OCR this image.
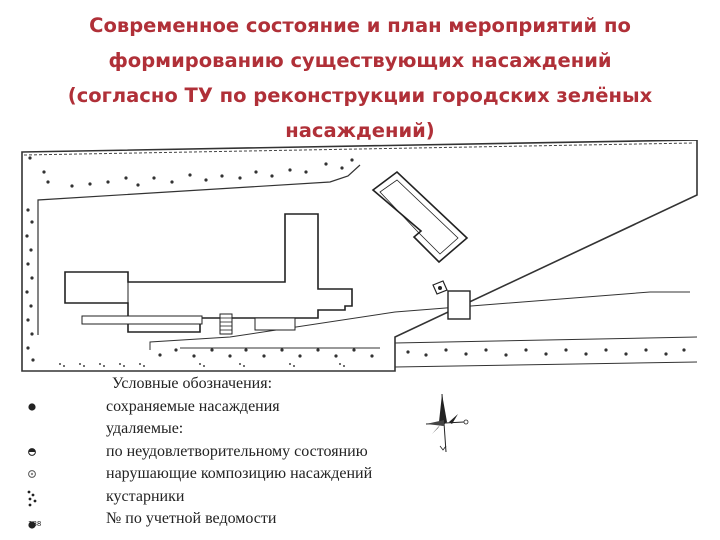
Современное состояние и план мероприятий по
формированию существующих насаждений
(согласно ТУ по реконструкции городских зелёных
насаждений)
Условные обозначения:
сохраняемые насаждения
удаляемые:
по неудовлетворительному состоянию
нарушающие композицию насаждений
кустарники
188	№ по учетной ведомости
